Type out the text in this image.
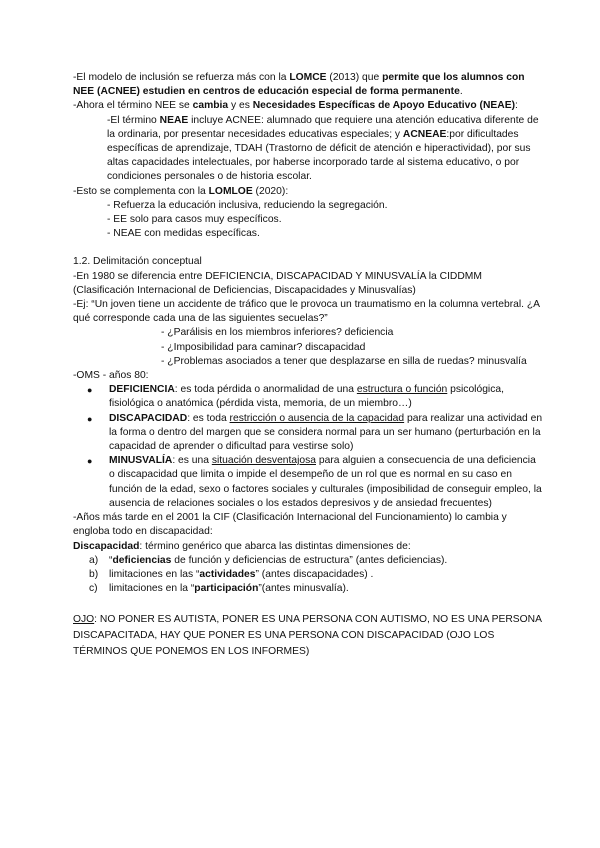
-El modelo de inclusión se refuerza más con la LOMCE (2013) que permite que los alumnos con NEE (ACNEE) estudien en centros de educación especial de forma permanente.

-Ahora el término NEE se cambia y es Necesidades Específicas de Apoyo Educativo (NEAE):

-El término NEAE incluye ACNEE: alumnado que requiere una atención educativa diferente de la ordinaria, por presentar necesidades educativas especiales; y ACNEAE:por dificultades específicas de aprendizaje, TDAH (Trastorno de déficit de atención e hiperactividad), por sus altas capacidades intelectuales, por haberse incorporado tarde al sistema educativo, o por condiciones personales o de historia escolar.

-Esto se complementa con la LOMLOE (2020):

- Refuerza la educación inclusiva, reduciendo la segregación.
- EE solo para casos muy específicos.
- NEAE con medidas específicas.

1.2. Delimitación conceptual

-En 1980 se diferencia entre DEFICIENCIA, DISCAPACIDAD Y MINUSVALÍA la CIDDMM (Clasificación Internacional de Deficiencias, Discapacidades y Minusvalías)

-Ej: “Un joven tiene un accidente de tráfico que le provoca un traumatismo en la columna vertebral. ¿A qué corresponde cada una de las siguientes secuelas?”

- ¿Parálisis en los miembros inferiores? deficiencia
- ¿Imposibilidad para caminar? discapacidad
- ¿Problemas asociados a tener que desplazarse en silla de ruedas? minusvalía

-OMS - años 80:

● DEFICIENCIA: es toda pérdida o anormalidad de una estructura o función psicológica, fisiológica o anatómica (pérdida vista, memoria, de un miembro…)
● DISCAPACIDAD: es toda restricción o ausencia de la capacidad para realizar una actividad en la forma o dentro del margen que se considera normal para un ser humano (perturbación en la capacidad de aprender o dificultad para vestirse solo)
● MINUSVALÍA: es una situación desventajosa para alguien a consecuencia de una deficiencia o discapacidad que limita o impide el desempeño de un rol que es normal en su caso en función de la edad, sexo o factores sociales y culturales (imposibilidad de conseguir empleo, la ausencia de relaciones sociales o los estados depresivos y de ansiedad frecuentes)

-Años más tarde en el 2001 la CIF (Clasificación Internacional del Funcionamiento) lo cambia y engloba todo en discapacidad:

Discapacidad: término genérico que abarca las distintas dimensiones de:

a) “deficiencias de función y deficiencias de estructura” (antes deficiencias).
b) limitaciones en las “actividades” (antes discapacidades) .
c) limitaciones en la “participación”(antes minusvalía).

OJO: NO PONER ES AUTISTA, PONER ES UNA PERSONA CON AUTISMO, NO ES UNA PERSONA DISCAPACITADA, HAY QUE PONER ES UNA PERSONA CON DISCAPACIDAD (OJO LOS TÉRMINOS QUE PONEMOS EN LOS INFORMES)
